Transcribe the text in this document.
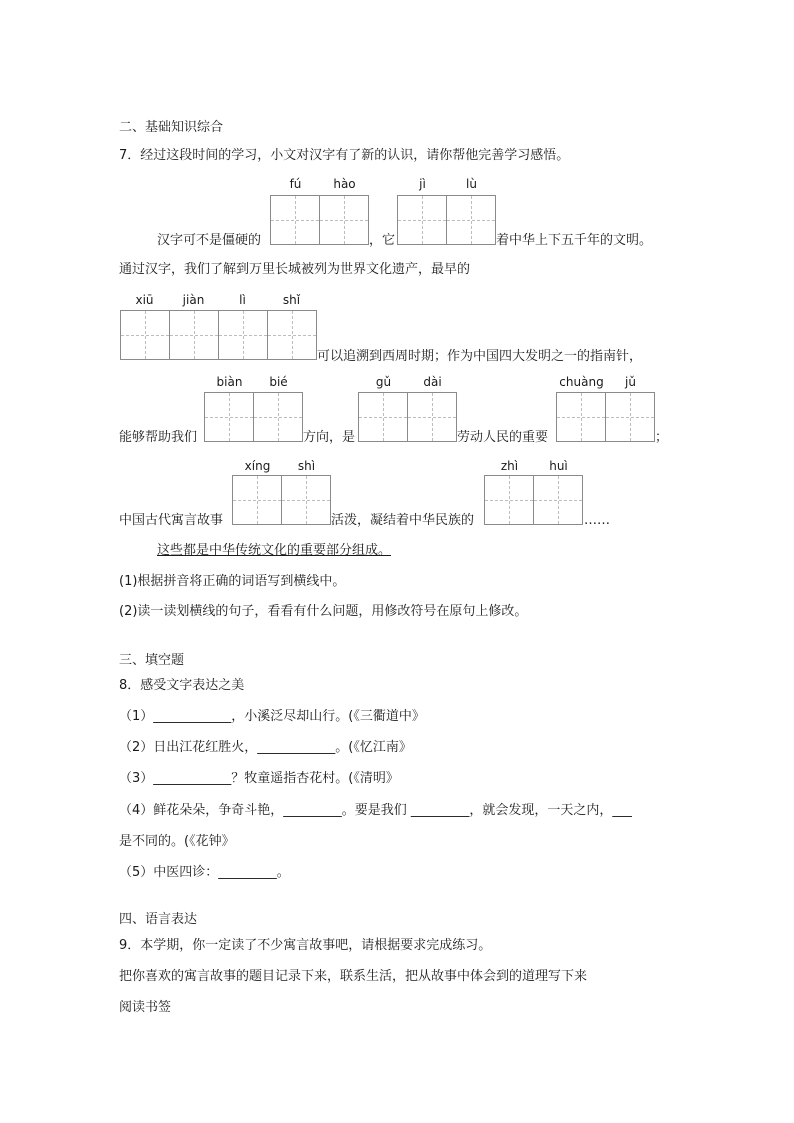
二、基础知识综合
7．经过这段时间的学习，小文对汉字有了新的认识，请你帮他完善学习感悟。
fú	hào	jì	lù
汉字可不是僵硬的	，它	着中华上下五千年的文明。
通过汉字，我们了解到万里长城被列为世界文化遗产，最早的
xiū	jiàn	lì	shǐ
可以追溯到西周时期；作为中国四大发明之一的指南针，
biàn	bié	gǔ	dài	chuàng	jǔ
能够帮助我们	方向，是	劳动人民的重要	；
xíng	shì	zhì	huì
中国古代寓言故事	活泼，凝结着中华民族的	……
这些都是中华传统文化的重要部分组成。
(1)根据拼音将正确的词语写到横线中。
(2)读一读划横线的句子，看看有什么问题，用修改符号在原句上修改。
三、填空题
8．感受文字表达之美
（1）____________，小溪泛尽却山行。(《三衢道中》
（2）日出江花红胜火，____________。(《忆江南》
（3）____________？牧童遥指杏花村。(《清明》
（4）鲜花朵朵，争奇斗艳，_________。要是我们 _________，就会发现，一天之内，___
是不同的。(《花钟》
（5）中医四诊：_________。
四、语言表达
9．本学期，你一定读了不少寓言故事吧，请根据要求完成练习。
把你喜欢的寓言故事的题目记录下来，联系生活，把从故事中体会到的道理写下来
阅读书签
